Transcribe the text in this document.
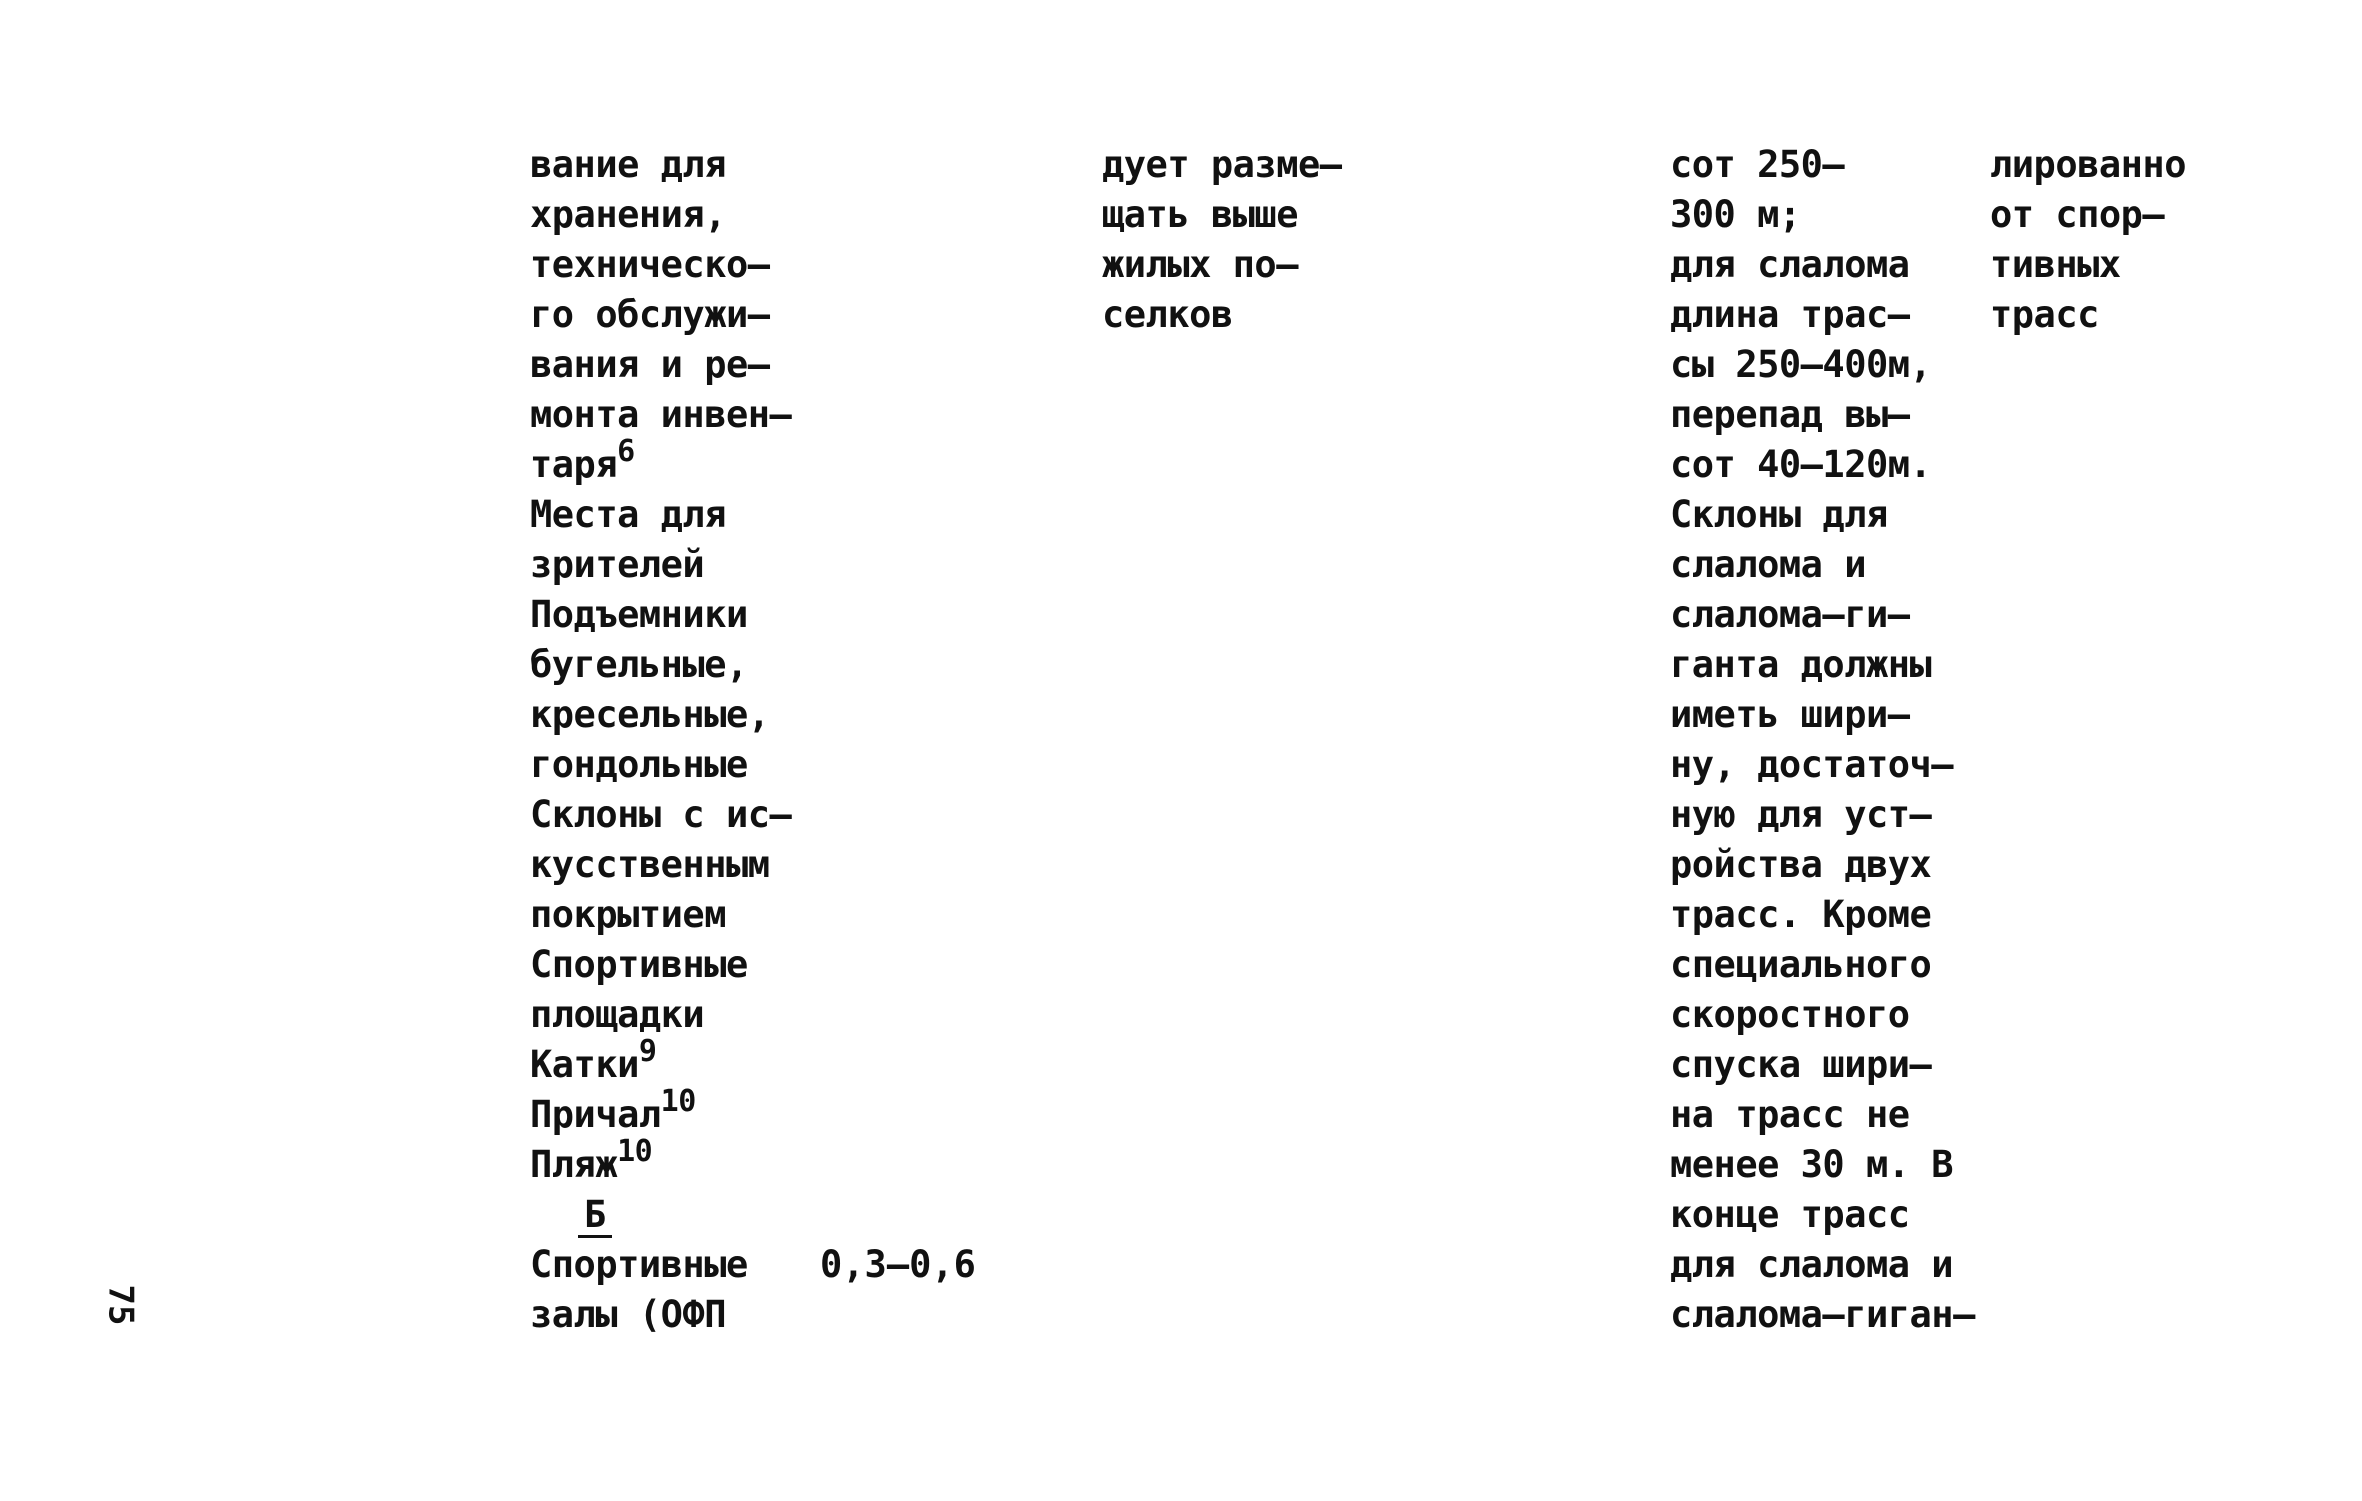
вание для
хранения,
техническо–
го обслужи–
вания и ре–
монта инвен–
таря$^6$
Места для
зрителей
Подъемники
бугельные,
кресельные,
гондольные
Склоны с ис–
кусственным
покрытием
Спортивные
площадки
Катки$^9$
Причал$^{10}$
Пляж$^{10}$
Б
Спортивные
залы (ОФП
0,3–0,6
дует разме–
щать выше
жилых по–
селков
сот 250–
300 м;
для слалома
длина трас–
сы 250–400м,
перепад вы–
сот 40–120м.
Склоны для
слалома и
слалома–ги–
ганта должны
иметь шири–
ну, достаточ–
ную для уст–
ройства двух
трасс. Кроме
специального
скоростного
спуска шири–
на трасс не
менее 30 м. В
конце трасс
для слалома и
слалома–гиган–
лированно
от спор–
тивных
трасс
75
